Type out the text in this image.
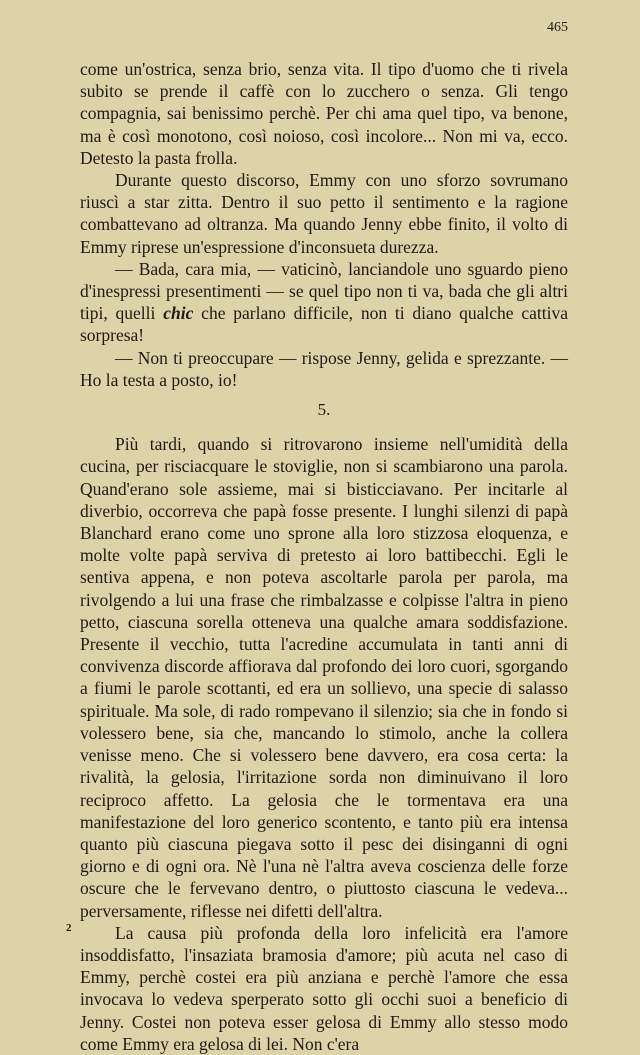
465

come un'ostrica, senza brio, senza vita. Il tipo d'uomo che ti rivela subito se prende il caffè con lo zucchero o senza. Gli tengo compagnia, sai benissimo perchè. Per chi ama quel tipo, va benone, ma è così monotono, così noioso, così incolore... Non mi va, ecco. Detesto la pasta frolla.

Durante questo discorso, Emmy con uno sforzo sovrumano riuscì a star zitta. Dentro il suo petto il sentimento e la ragione combattevano ad oltranza. Ma quando Jenny ebbe finito, il volto di Emmy riprese un'espressione d'inconsueta durezza.

— Bada, cara mia, — vaticinò, lanciandole uno sguardo pieno d'inespressi presentimenti — se quel tipo non ti va, bada che gli altri tipi, quelli chic che parlano difficile, non ti diano qualche cattiva sorpresa!

— Non ti preoccupare — rispose Jenny, gelida e sprezzante. — Ho la testa a posto, io!

5.

Più tardi, quando si ritrovarono insieme nell'umidità della cucina, per risciacquare le stoviglie, non si scambiarono una parola. Quand'erano sole assieme, mai si bisticciavano. Per incitarle al diverbio, occorreva che papà fosse presente. I lunghi silenzi di papà Blanchard erano come uno sprone alla loro stizzosa eloquenza, e molte volte papà serviva di pretesto ai loro battibecchi. Egli le sentiva appena, e non poteva ascoltarle parola per parola, ma rivolgendo a lui una frase che rimbalzasse e colpisse l'altra in pieno petto, ciascuna sorella otteneva una qualche amara soddisfazione. Presente il vecchio, tutta l'acredine accumulata in tanti anni di convivenza discorde affiorava dal profondo dei loro cuori, sgorgando a fiumi le parole scottanti, ed era un sollievo, una specie di salasso spirituale. Ma sole, di rado rompevano il silenzio; sia che in fondo si volessero bene, sia che, mancando lo stimolo, anche la collera venisse meno. Che si volessero bene davvero, era cosa certa: la rivalità, la gelosia, l'irritazione sorda non diminuivano il loro reciproco affetto. La gelosia che le tormentava era una manifestazione del loro generico scontento, e tanto più era intensa quanto più ciascuna piegava sotto il pesc dei disinganni di ogni giorno e di ogni ora. Nè l'una nè l'altra aveva coscienza delle forze oscure che le fervevano dentro, o piuttosto ciascuna le vedeva... perversamente, riflesse nei difetti dell'altra.

La causa più profonda della loro infelicità era l'amore insoddisfatto, l'insaziata bramosia d'amore; più acuta nel caso di Emmy, perchè costei era più anziana e perchè l'amore che essa invocava lo vedeva sperperato sotto gli occhi suoi a beneficio di Jenny. Costei non poteva esser gelosa di Emmy allo stesso modo come Emmy era gelosa di lei. Non c'era

2
